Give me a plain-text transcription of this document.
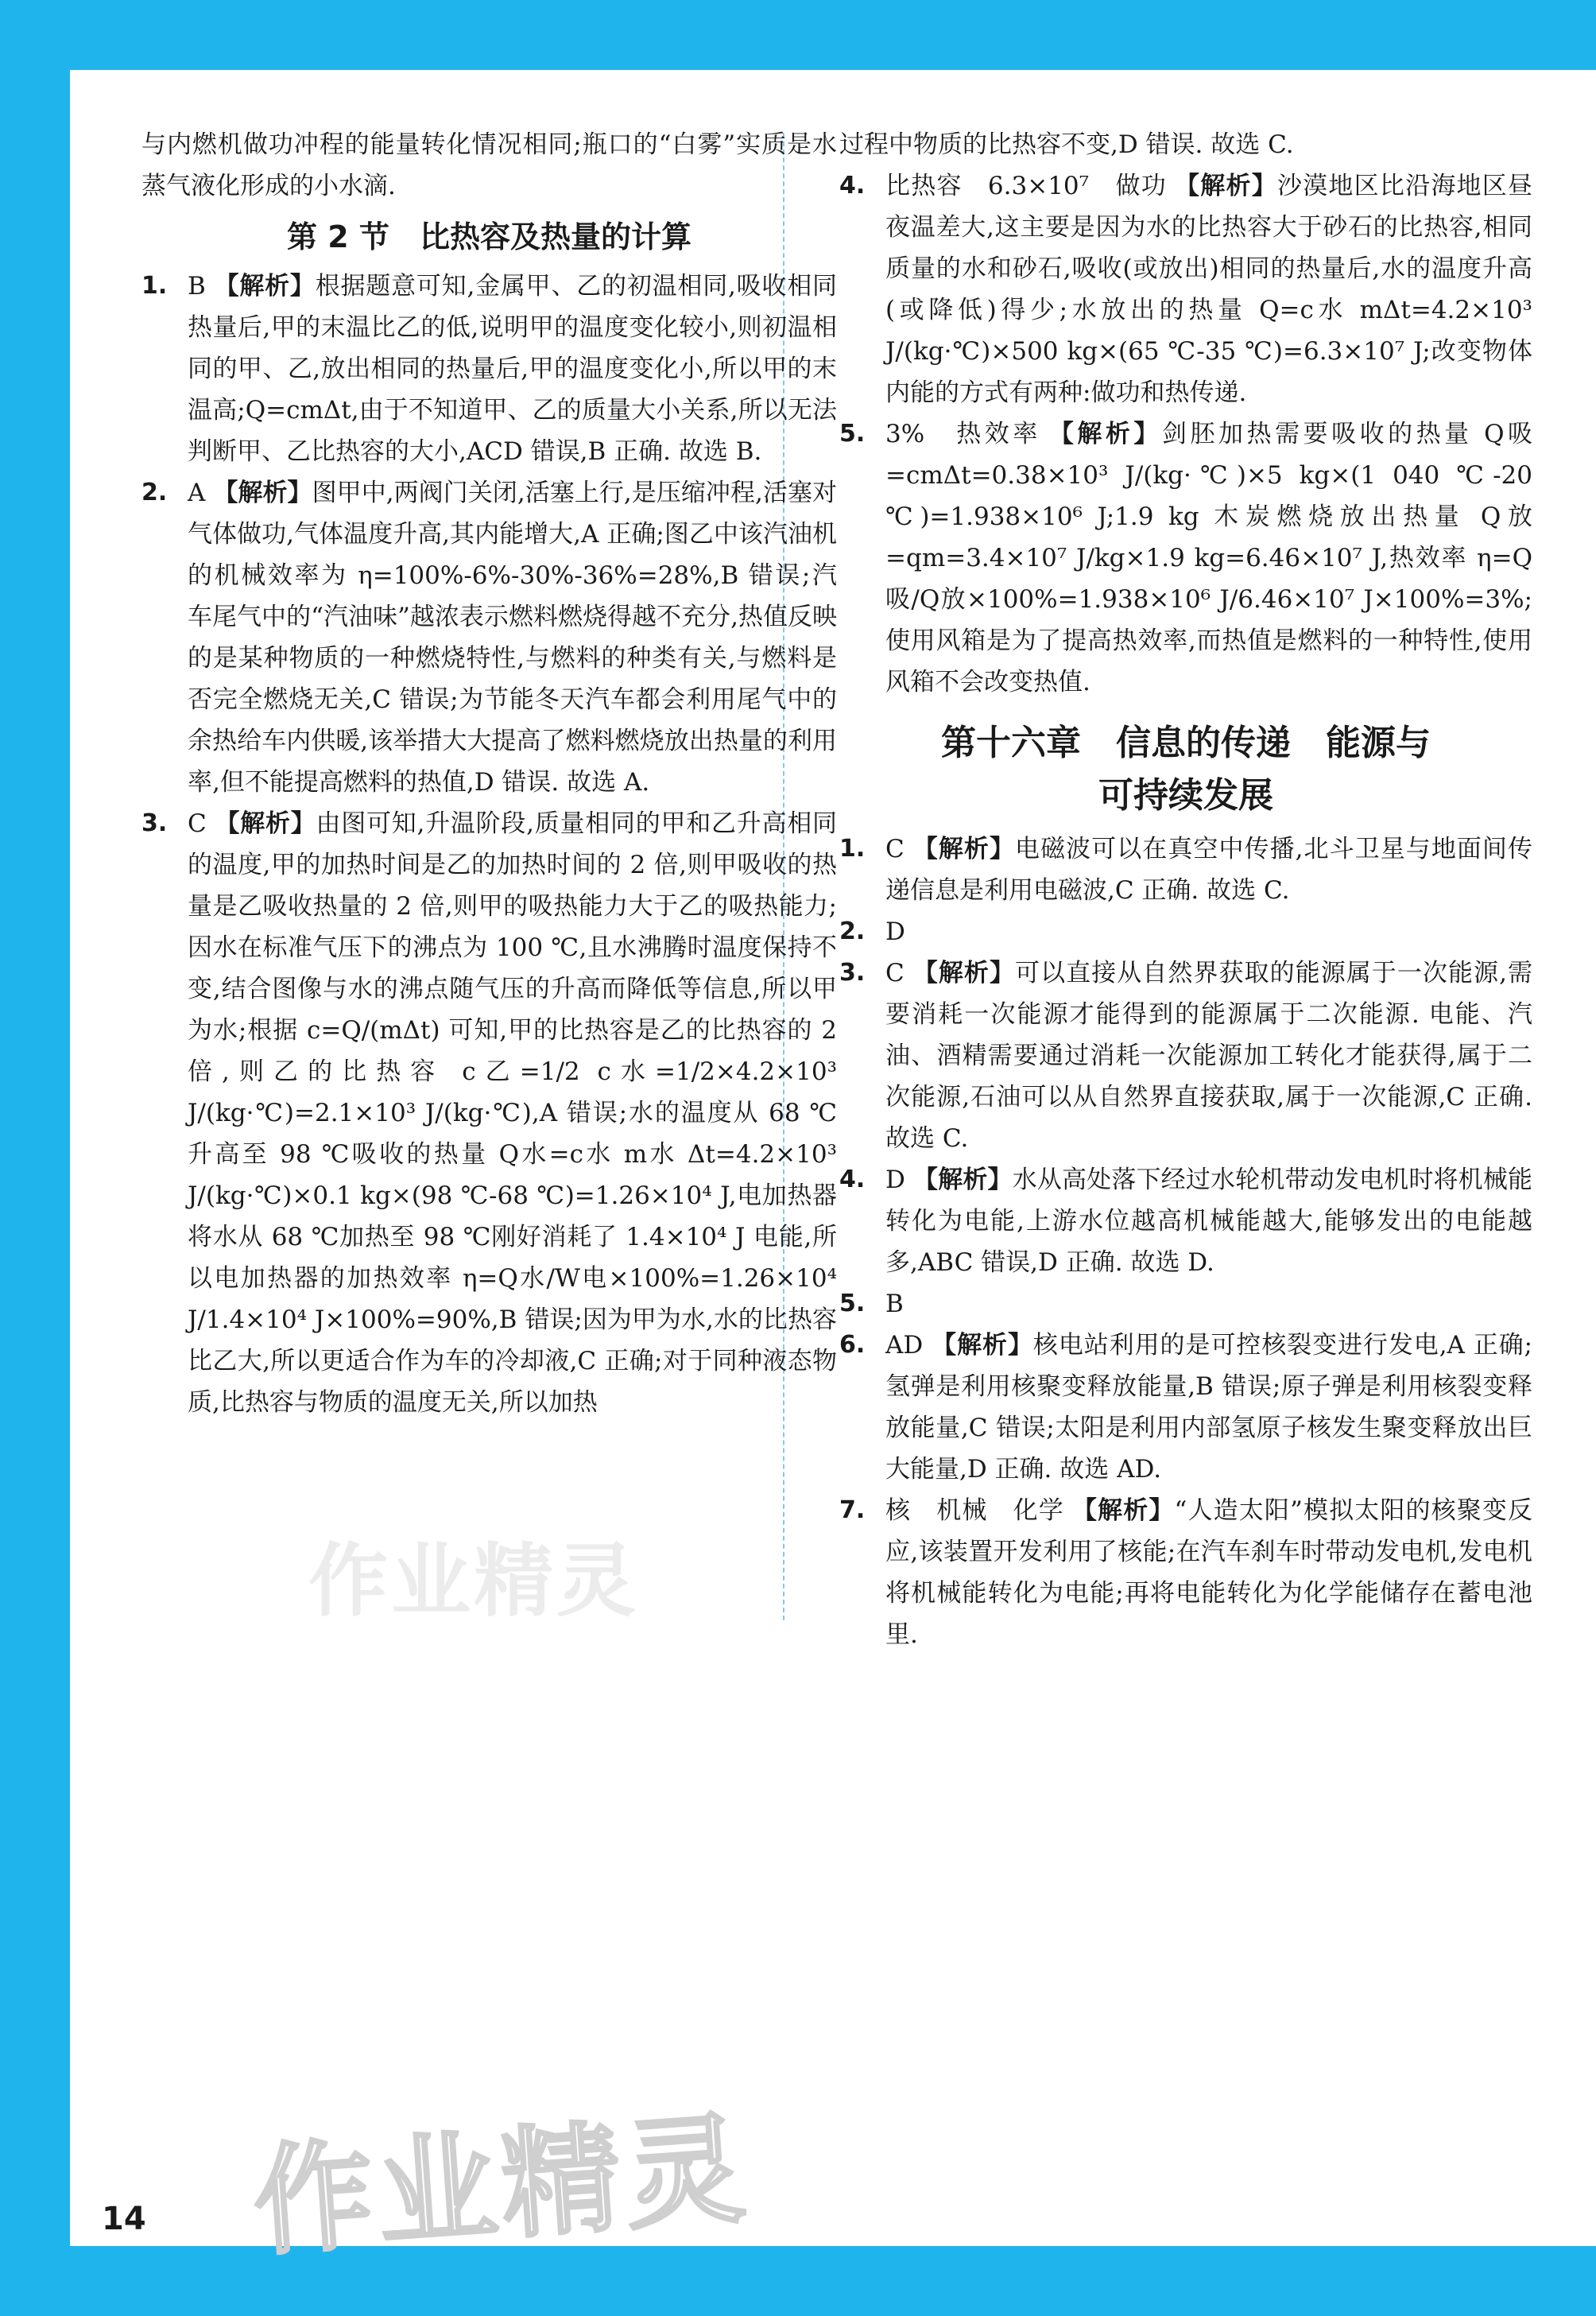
与内燃机做功冲程的能量转化情况相同;瓶口的“白雾”实质是水蒸气液化形成的小水滴.

第 2 节　比热容及热量的计算

1. B 【解析】根据题意可知,金属甲、乙的初温相同,吸收相同热量后,甲的末温比乙的低,说明甲的温度变化较小,则初温相同的甲、乙,放出相同的热量后,甲的温度变化小,所以甲的末温高;Q=cmΔt,由于不知道甲、乙的质量大小关系,所以无法判断甲、乙比热容的大小,ACD 错误,B 正确. 故选 B.

2. A 【解析】图甲中,两阀门关闭,活塞上行,是压缩冲程,活塞对气体做功,气体温度升高,其内能增大,A 正确;图乙中该汽油机的机械效率为 η=100%-6%-30%-36%=28%,B 错误;汽车尾气中的“汽油味”越浓表示燃料燃烧得越不充分,热值反映的是某种物质的一种燃烧特性,与燃料的种类有关,与燃料是否完全燃烧无关,C 错误;为节能冬天汽车都会利用尾气中的余热给车内供暖,该举措大大提高了燃料燃烧放出热量的利用率,但不能提高燃料的热值,D 错误. 故选 A.

3. C 【解析】由图可知,升温阶段,质量相同的甲和乙升高相同的温度,甲的加热时间是乙的加热时间的 2 倍,则甲吸收的热量是乙吸收热量的 2 倍,则甲的吸热能力大于乙的吸热能力;因水在标准气压下的沸点为 100 ℃,且水沸腾时温度保持不变,结合图像与水的沸点随气压的升高而降低等信息,所以甲为水;根据 c=Q/(mΔt) 可知,甲的比热容是乙的比热容的 2 倍,则乙的比热容 c乙=1/2 c水=1/2×4.2×10³ J/(kg·℃)=2.1×10³ J/(kg·℃),A 错误;水的温度从 68 ℃升高至 98 ℃吸收的热量 Q水=c水 m水 Δt=4.2×10³ J/(kg·℃)×0.1 kg×(98 ℃-68 ℃)=1.26×10⁴ J,电加热器将水从 68 ℃加热至 98 ℃刚好消耗了 1.4×10⁴ J 电能,所以电加热器的加热效率 η=Q水/W电×100%=1.26×10⁴ J/1.4×10⁴ J×100%=90%,B 错误;因为甲为水,水的比热容比乙大,所以更适合作为车的冷却液,C 正确;对于同种液态物质,比热容与物质的温度无关,所以加热

过程中物质的比热容不变,D 错误. 故选 C.

4. 比热容　6.3×10⁷　做功 【解析】沙漠地区比沿海地区昼夜温差大,这主要是因为水的比热容大于砂石的比热容,相同质量的水和砂石,吸收(或放出)相同的热量后,水的温度升高(或降低)得少;水放出的热量 Q=c水 mΔt=4.2×10³ J/(kg·℃)×500 kg×(65 ℃-35 ℃)=6.3×10⁷ J;改变物体内能的方式有两种:做功和热传递.

5. 3%　热效率 【解析】剑胚加热需要吸收的热量 Q吸=cmΔt=0.38×10³ J/(kg·℃)×5 kg×(1 040 ℃-20 ℃)=1.938×10⁶ J;1.9 kg 木炭燃烧放出热量 Q放=qm=3.4×10⁷ J/kg×1.9 kg=6.46×10⁷ J,热效率 η=Q吸/Q放×100%=1.938×10⁶ J/6.46×10⁷ J×100%=3%;使用风箱是为了提高热效率,而热值是燃料的一种特性,使用风箱不会改变热值.

第十六章　信息的传递　能源与
可持续发展

1. C 【解析】电磁波可以在真空中传播,北斗卫星与地面间传递信息是利用电磁波,C 正确. 故选 C.

2. D

3. C 【解析】可以直接从自然界获取的能源属于一次能源,需要消耗一次能源才能得到的能源属于二次能源. 电能、汽油、酒精需要通过消耗一次能源加工转化才能获得,属于二次能源,石油可以从自然界直接获取,属于一次能源,C 正确. 故选 C.

4. D 【解析】水从高处落下经过水轮机带动发电机时将机械能转化为电能,上游水位越高机械能越大,能够发出的电能越多,ABC 错误,D 正确. 故选 D.

5. B

6. AD 【解析】核电站利用的是可控核裂变进行发电,A 正确;氢弹是利用核聚变释放能量,B 错误;原子弹是利用核裂变释放能量,C 错误;太阳是利用内部氢原子核发生聚变释放出巨大能量,D 正确. 故选 AD.

7. 核　机械　化学 【解析】“人造太阳”模拟太阳的核聚变反应,该装置开发利用了核能;在汽车刹车时带动发电机,发电机将机械能转化为电能;再将电能转化为化学能储存在蓄电池里.

作业精灵
作业精灵
14
